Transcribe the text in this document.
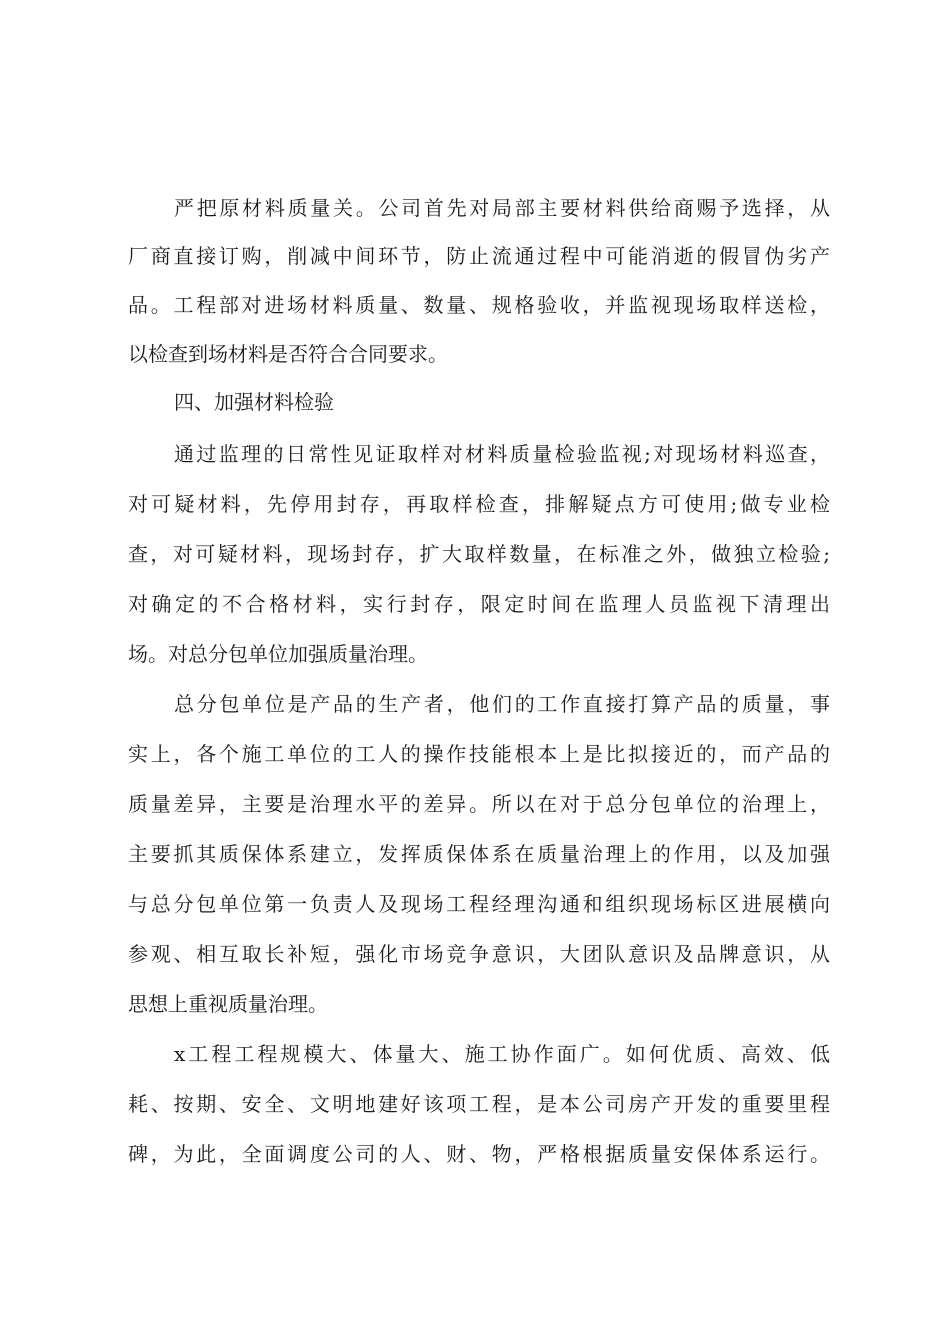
严把原材料质量关。公司首先对局部主要材料供给商赐予选择，从
厂商直接订购，削减中间环节，防止流通过程中可能消逝的假冒伪劣产
品。工程部对进场材料质量、数量、规格验收，并监视现场取样送检，
以检查到场材料是否符合合同要求。
四、加强材料检验
通过监理的日常性见证取样对材料质量检验监视;对现场材料巡查，
对可疑材料，先停用封存，再取样检查，排解疑点方可使用;做专业检
查，对可疑材料，现场封存，扩大取样数量，在标准之外，做独立检验;
对确定的不合格材料，实行封存，限定时间在监理人员监视下清理出
场。对总分包单位加强质量治理。
总分包单位是产品的生产者，他们的工作直接打算产品的质量，事
实上，各个施工单位的工人的操作技能根本上是比拟接近的，而产品的
质量差异，主要是治理水平的差异。所以在对于总分包单位的治理上，
主要抓其质保体系建立，发挥质保体系在质量治理上的作用，以及加强
与总分包单位第一负责人及现场工程经理沟通和组织现场标区进展横向
参观、相互取长补短，强化市场竞争意识，大团队意识及品牌意识，从
思想上重视质量治理。
x工程工程规模大、体量大、施工协作面广。如何优质、高效、低
耗、按期、安全、文明地建好该项工程，是本公司房产开发的重要里程
碑，为此，全面调度公司的人、财、物，严格根据质量安保体系运行。
